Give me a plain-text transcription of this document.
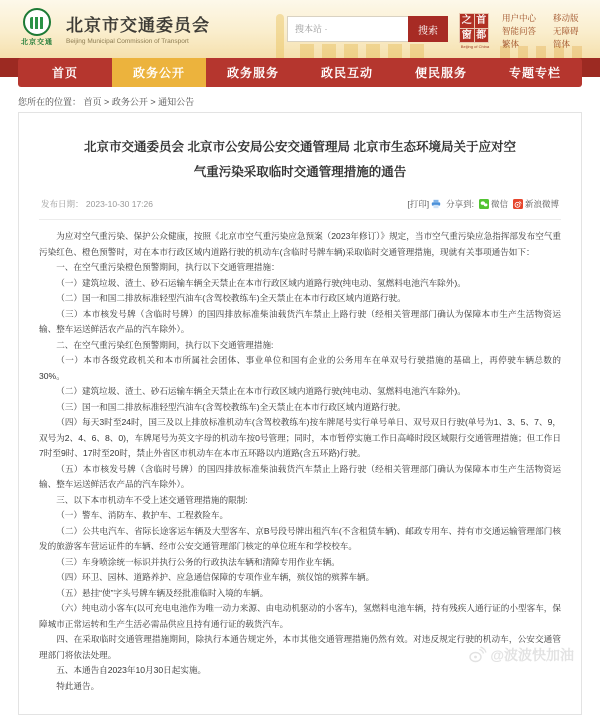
北京交通
北京市交通委员会
Beijing Municipal Commission of Transport
搜本站 ·
搜索
之 首
窗 都
Beijing of China
用户中心
智能问答
繁体
移动版
无障碍
简体
首页	政务公开	政务服务	政民互动	便民服务	专题专栏
您所在的位置：
首页 > 政务公开 > 通知公告
北京市交通委员会 北京市公安局公安交通管理局 北京市生态环境局关于应对空气重污染采取临时交通管理措施的通告
发布日期： 2023-10-30 17:26	[打印] 分享到: 微信 新浪微博

为应对空气重污染、保护公众健康，按照《北京市空气重污染应急预案（2023年修订）》规定，当市空气重污染应急指挥部发布空气重污染红色、橙色预警时，对在本市行政区域内道路行驶的机动车(含临时号牌车辆)采取临时交通管理措施，现就有关事项通告如下：

一、在空气重污染橙色预警期间，执行以下交通管理措施：

（一）建筑垃圾、渣土、砂石运输车辆全天禁止在本市行政区域内道路行驶(纯电动、氢燃料电池汽车除外)。

（二）国一和国二排放标准轻型汽油车(含驾校教练车)全天禁止在本市行政区域内道路行驶。

（三）本市核发号牌（含临时号牌）的国四排放标准柴油载货汽车禁止上路行驶（经相关管理部门确认为保障本市生产生活物资运输、整车运送鲜活农产品的汽车除外）。

二、在空气重污染红色预警期间，执行以下交通管理措施:

（一）本市各级党政机关和本市所属社会团体、事业单位和国有企业的公务用车在单双号行驶措施的基础上，再停驶车辆总数的30%。

（二）建筑垃圾、渣土、砂石运输车辆全天禁止在本市行政区域内道路行驶(纯电动、氢燃料电池汽车除外)。

（三）国一和国二排放标准轻型汽油车(含驾校教练车)全天禁止在本市行政区域内道路行驶。

（四）每天3时至24时，国三及以上排放标准机动车(含驾校教练车)按车牌尾号实行单号单日、双号双日行驶(单号为1、3、5、7、9，双号为2、4、6、8、0)，车牌尾号为英文字母的机动车按0号管理；同时，本市暂停实施工作日高峰时段区域限行交通管理措施；但工作日7时至9时、17时至20时，禁止外省区市机动车在本市五环路以内道路(含五环路)行驶。

（五）本市核发号牌（含临时号牌）的国四排放标准柴油载货汽车禁止上路行驶（经相关管理部门确认为保障本市生产生活物资运输、整车运送鲜活农产品的汽车除外）。

三、以下本市机动车不受上述交通管理措施的限制:

（一）警车、消防车、救护车、工程救险车。

（二）公共电汽车、省际长途客运车辆及大型客车、京B号段号牌出租汽车(不含租赁车辆)、邮政专用车、持有市交通运输管理部门核发的旅游客车营运证件的车辆、经市公安交通管理部门核定的单位班车和学校校车。

（三）车身喷涂统一标识并执行公务的行政执法车辆和清障专用作业车辆。

（四）环卫、园林、道路养护、应急通信保障的专项作业车辆，殡仪馆的殡葬车辆。

（五）悬挂“使”字头号牌车辆及经批准临时入境的车辆。

（六）纯电动小客车(以可充电电池作为唯一动力来源、由电动机驱动的小客车)，氢燃料电池车辆，持有残疾人通行证的小型客车，保障城市正常运转和生产生活必需品供应且持有通行证的载货汽车。

四、在采取临时交通管理措施期间，除执行本通告规定外，本市其他交通管理措施仍然有效。对违反规定行驶的机动车，公安交通管理部门将依法处理。

五、本通告自2023年10月30日起实施。

特此通告。

@波波快加油
